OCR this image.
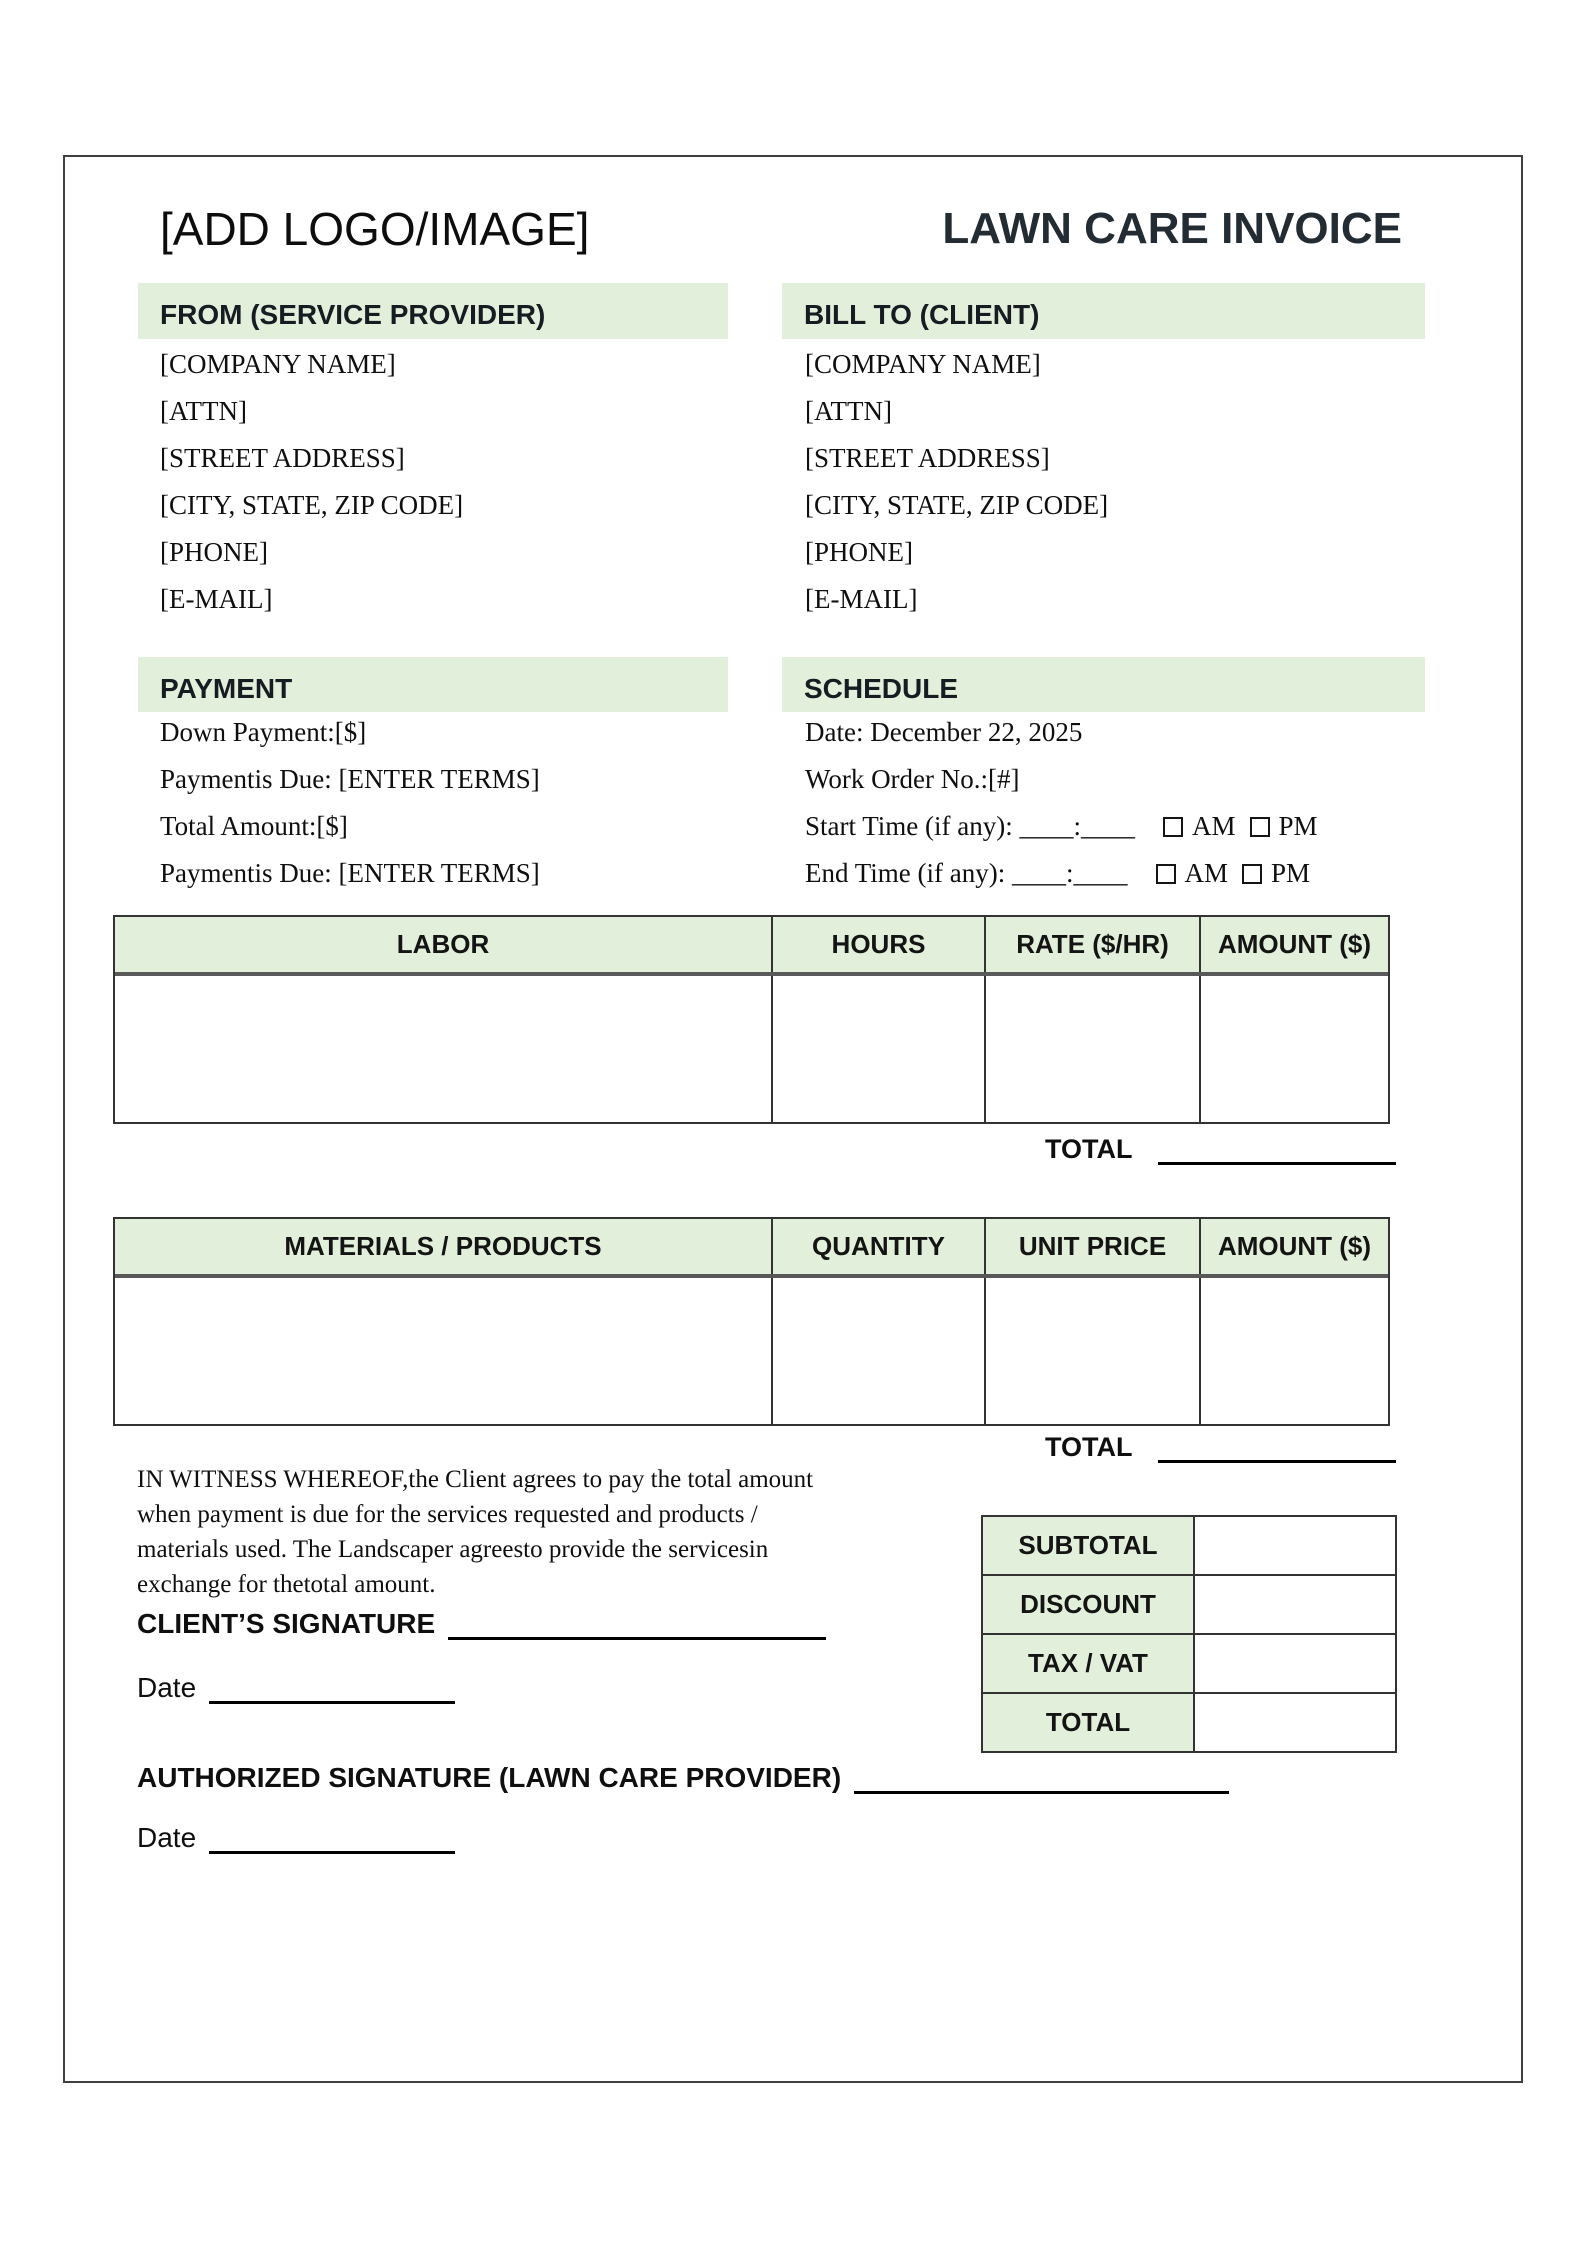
[ADD LOGO/IMAGE]	LAWN CARE INVOICE
FROM (SERVICE PROVIDER)	BILL TO (CLIENT)
[COMPANY NAME]
[ATTN]
[STREET ADDRESS]
[CITY, STATE, ZIP CODE]
[PHONE]
[E-MAIL]
[COMPANY NAME]
[ATTN]
[STREET ADDRESS]
[CITY, STATE, ZIP CODE]
[PHONE]
[E-MAIL]
PAYMENT	SCHEDULE
Down Payment:[$]
Paymentis Due: [ENTER TERMS]
Total Amount:[$]
Paymentis Due: [ENTER TERMS]
Date: December 22, 2025
Work Order No.:[#]
Start Time (if any): ____:____ AM PM
End Time (if any): ____:____ AM PM
LABOR	HOURS	RATE ($/HR)	AMOUNT ($)
TOTAL
MATERIALS / PRODUCTS	QUANTITY	UNIT PRICE	AMOUNT ($)
TOTAL
IN WITNESS WHEREOF,the Client agrees to pay the total amount when payment is due for the services requested and products / materials used. The Landscaper agreesto provide the servicesin exchange for thetotal amount.
SUBTOTAL
DISCOUNT
TAX / VAT
TOTAL
CLIENT’S SIGNATURE
Date
AUTHORIZED SIGNATURE (LAWN CARE PROVIDER)
Date
